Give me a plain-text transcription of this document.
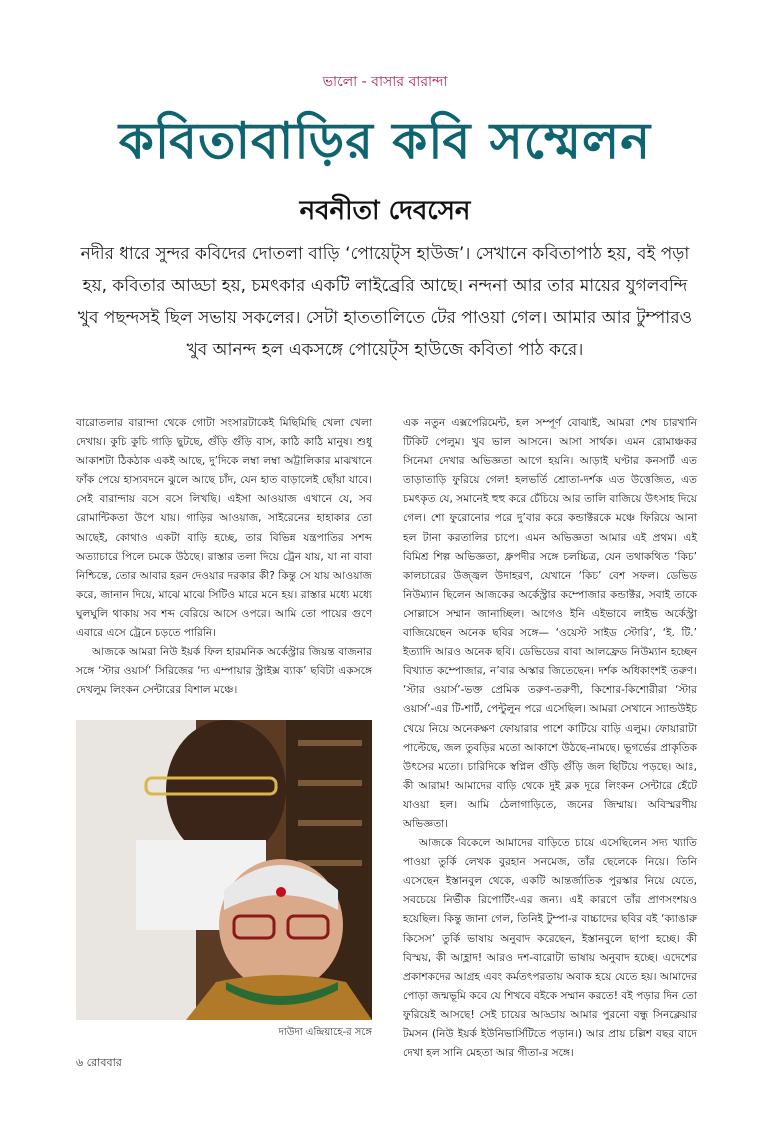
ভালো - বাসার বারান্দা
কবিতাবাড়ির কবি সম্মেলন
নবনীতা দেবসেন
নদীর ধারে সুন্দর কবিদের দোতলা বাড়ি ‘পোয়েট্স হাউজ’। সেখানে কবিতাপাঠ হয়, বই পড়া হয়, কবিতার আড্ডা হয়, চমৎকার একটি লাইব্রেরি আছে। নন্দনা আর তার মায়ের যুগলবন্দি খুব পছন্দসই ছিল সভায় সকলের। সেটা হাততালিতে টের পাওয়া গেল। আমার আর টুম্পারও খুব আনন্দ হল একসঙ্গে পোয়েট্স হাউজে কবিতা পাঠ করে।

বারোতলার বারান্দা থেকে গোটা সংসারটাকেই মিছিমিছি খেলা খেলা দেখায়। কুচি কুচি গাড়ি ছুটছে, গুঁড়ি গুঁড়ি বাস, কাঠি কাঠি মানুষ। শুধু আকাশটা ঠিকঠাক একই আছে, দু’দিকে লম্বা লম্বা অট্টালিকার মাঝখানে ফাঁক পেয়ে হাস্যবদনে ঝুলে আছে চাঁদ, যেন হাত বাড়ালেই ছোঁয়া যাবে। সেই বারান্দায় বসে বসে লিখছি। এইসা আওয়াজ এখানে যে, সব রোমান্টিকতা উপে যায়। গাড়ির আওয়াজ, সাইরেনের হাহাকার তো আছেই, কোথাও একটা বাড়ি হচ্ছে, তার বিভিন্ন যন্ত্রপাতির সশব্দ অত্যাচারে পিলে চমকে উঠছে। রাস্তার তলা দিয়ে ট্রেন যায়, যা না বাবা নিশ্চিন্তে, তোর আবার হরন দেওয়ার দরকার কী? কিন্তু সে যায় আওয়াজ করে, জানান দিয়ে, মাঝে মাঝে সিটিও মারে মনে হয়। রাস্তার মধ্যে মধ্যে ঘুলঘুলি থাকায় সব শব্দ বেরিয়ে আসে ওপরে। আমি তো পায়ের গুণে এবারে এসে ট্রেনে চড়তে পারিনি।

আজকে আমরা নিউ ইয়র্ক ফিল হারমনিক অর্কেস্ট্রার জিয়ন্ত বাজনার সঙ্গে ‘স্টার ওয়ার্স’ সিরিজের ‘দ্য এম্পায়ার স্ট্রাইক্স ব্যাক’ ছবিটা একসঙ্গে দেখলুম লিংকন সেন্টারের বিশাল মঞ্চে।

দাউদা এন্দ্রিয়াহে-র সঙ্গে

এক নতুন এক্সপেরিমেন্ট, হল সম্পূর্ণ বোঝাই, আমরা শেষ চারখানি টিকিট পেলুম। খুব ভাল আসনে। আসা সার্থক। এমন রোমাঞ্চকর সিনেমা দেখার অভিজ্ঞতা আগে হয়নি। আড়াই ঘণ্টার কনসার্ট এত তাড়াতাড়ি ফুরিয়ে গেল! হলভর্তি শ্রোতা-দর্শক এত উত্তেজিত, এত চমৎকৃত যে, সমানেই হুহু করে চেঁচিয়ে আর তালি বাজিয়ে উৎসাহ দিয়ে গেল। শো ফুরোনোর পরে দু’বার করে কন্ডাক্টরকে মঞ্চে ফিরিয়ে আনা হল টানা করতালির চাপে। এমন অভিজ্ঞতা আমার এই প্রথম। এই বিমিশ্র শিল্প অভিজ্ঞতা, ধ্রুপদীর সঙ্গে চলচ্চিত্র, যেন তথাকথিত ‘কিচ’ কালচারের উজ্জ্বল উদাহরণ, যেখানে ‘কিচ’ বেশ সফল। ডেভিড নিউম্যান ছিলেন আজকের অর্কেস্ট্রার কম্পোজার কন্ডাক্টর, সবাই তাকে সোল্লাসে সম্মান জানাচ্ছিল। আগেও ইনি এইভাবে লাইভ অর্কেস্ট্রা বাজিয়েছেন অনেক ছবির সঙ্গে— ‘ওয়েস্ট সাইড স্টোরি’, ‘ই. টি.’ ইত্যাদি আরও অনেক ছবি। ডেভিডের বাবা আলফ্রেড নিউম্যান হচ্ছেন বিখ্যাত কম্পোজার, ন’বার অস্কার জিতেছেন। দর্শক অধিকাংশই তরুণ। ‘স্টার ওয়ার্স’-ভক্ত প্রেমিক তরুণ-তরুণী, কিশোর-কিশোরীরা ‘স্টার ওয়ার্স’-এর টি-শার্ট, পেন্টুলুন পরে এসেছিল। আমরা সেখানে স্যান্ডউইচ খেয়ে নিয়ে অনেকক্ষণ ফোয়ারার পাশে কাটিয়ে বাড়ি এলুম। ফোয়ারাটা পাল্টেছে, জল তুবড়ির মতো আকাশে উঠছে-নামছে। ভূগর্ভের প্রাকৃতিক উৎসের মতো। চারিদিকে স্বপ্নিল গুঁড়ি গুঁড়ি জল ছিটিয়ে পড়ছে। আঃ, কী আরাম! আমাদের বাড়ি থেকে দুই ব্লক দূরে লিংকন সেন্টারে হেঁটে যাওয়া হল। আমি ঠেলাগাড়িতে, জনের জিম্মায়। অবিস্মরণীয় অভিজ্ঞতা।

আজকে বিকেলে আমাদের বাড়িতে চায়ে এসেছিলেন সদ্য খ্যাতি পাওয়া তুর্কি লেখক বুরহান সনমেজ, তাঁর ছেলেকে নিয়ে। তিনি এসেছেন ইস্তানবুল থেকে, একটি আন্তর্জাতিক পুরস্কার নিয়ে যেতে, সবচেয়ে নির্ভীক রিপোর্টিং-এর জন্য। এই কারণে তাঁর প্রাণসংশয়ও হয়েছিল। কিন্তু জানা গেল, তিনিই টুম্পা-র বাচ্চাদের ছবির বই ‘ক্যাঙারু কিসেস’ তুর্কি ভাষায় অনুবাদ করেছেন, ইস্তানবুলে ছাপা হচ্ছে। কী বিস্ময়, কী আহ্লাদ! আরও দশ-বারোটা ভাষায় অনুবাদ হচ্ছে। এদেশের প্রকাশকদের আগ্রহ এবং কর্মতৎপরতায় অবাক হয়ে যেতে হয়। আমাদের পোড়া জন্মভূমি কবে যে শিখবে বইকে সম্মান করতে! বই পড়ার দিন তো ফুরিয়েই আসছে! সেই চায়ের আড্ডায় আমার পুরনো বন্ধু সিনক্লেয়ার টমসন (নিউ ইয়র্ক ইউনিভার্সিটিতে পড়ান।) আর প্রায় চল্লিশ বছর বাদে দেখা হল সানি মেহতা আর গীতা-র সঙ্গে।

৬ রোববার
